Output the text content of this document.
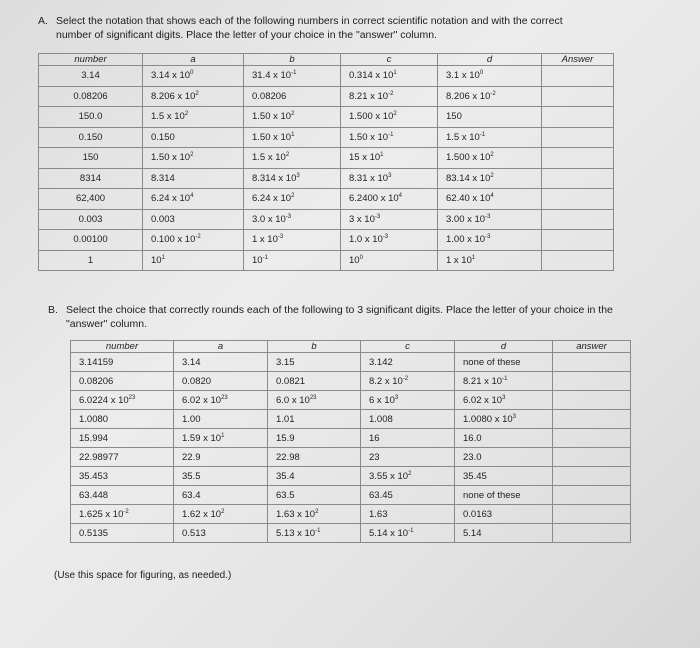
A. Select the notation that shows each of the following numbers in correct scientific notation and with the correct
number of significant digits. Place the letter of your choice in the "answer" column.
number	a	b	c	d	Answer
3.14	3.14 x $10^0$	31.4 x $10^{-1}$	0.314 x $10^1$	3.1 x $10^0$	
0.08206	8.206 x $10^2$	0.08206	8.21 x $10^{-2}$	8.206 x $10^{-2}$	
150.0	1.5 x $10^2$	1.50 x $10^2$	1.500 x $10^2$	150	
0.150	0.150	1.50 x $10^1$	1.50 x $10^{-1}$	1.5 x $10^{-1}$	
150	1.50 x $10^2$	1.5 x $10^2$	15 x $10^1$	1.500 x $10^2$	
8314	8.314	8.314 x $10^3$	8.31 x $10^3$	83.14 x $10^2$	
62,400	6.24 x $10^4$	6.24 x $10^2$	6.2400 x $10^4$	62.40 x $10^4$	
0.003	0.003	3.0 x $10^{-3}$	3 x $10^{-3}$	3.00 x $10^{-3}$	
0.00100	0.100 x $10^{-2}$	1 x $10^{-3}$	1.0 x $10^{-3}$	1.00 x $10^{-3}$	
1	$10^1$	$10^{-1}$	$10^0$	1 x $10^1$	
B. Select the choice that correctly rounds each of the following to 3 significant digits. Place the letter of your choice in the
"answer" column.
number	a	b	c	d	answer
3.14159	3.14	3.15	3.142	none of these	
0.08206	0.0820	0.0821	8.2 x $10^{-2}$	8.21 x $10^{-1}$	
6.0224 x $10^{23}$	6.02 x $10^{23}$	6.0 x $10^{23}$	6 x $10^3$	6.02 x $10^3$	
1.0080	1.00	1.01	1.008	1.0080 x $10^3$	
15.994	1.59 x $10^1$	15.9	16	16.0	
22.98977	22.9	22.98	23	23.0	
35.453	35.5	35.4	3.55 x $10^2$	35.45	
63.448	63.4	63.5	63.45	none of these	
1.625 x $10^{-2}$	1.62 x $10^2$	1.63 x $10^2$	1.63	0.0163	
0.5135	0.513	5.13 x $10^{-1}$	5.14 x $10^{-1}$	5.14	
(Use this space for figuring, as needed.)
